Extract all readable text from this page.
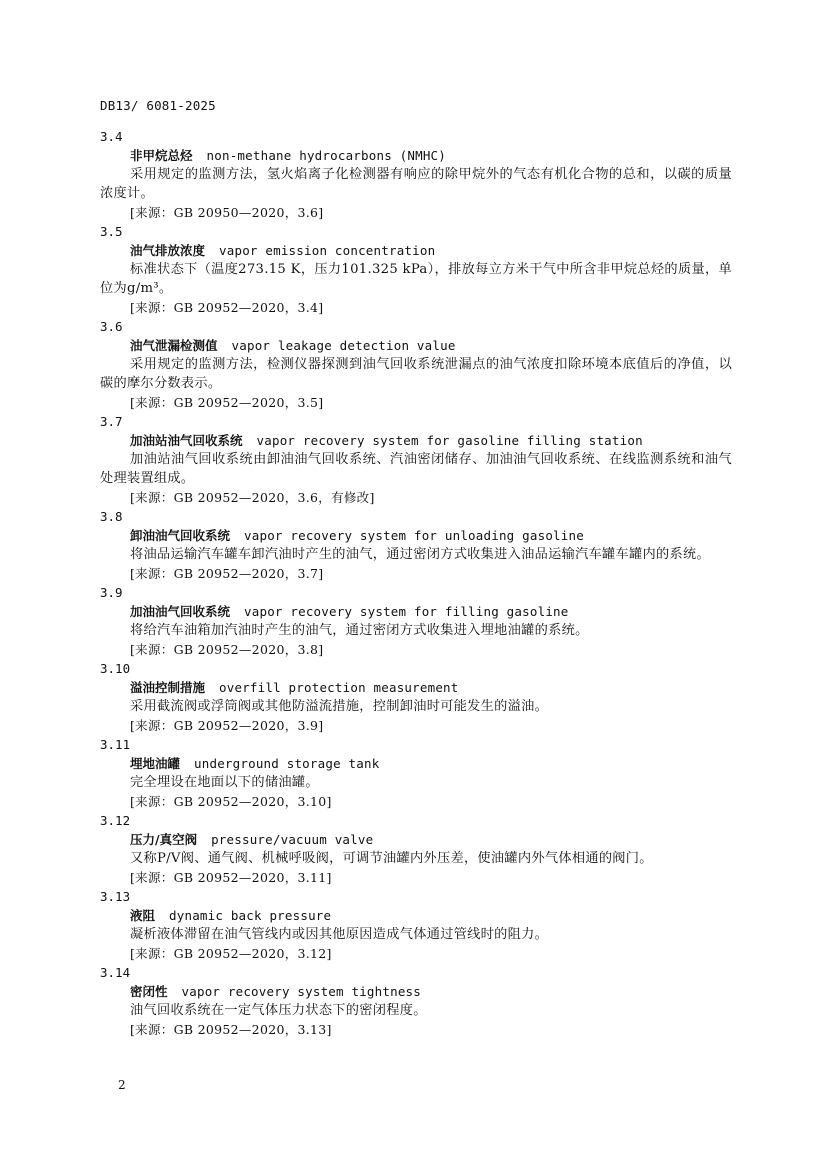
DB13/ 6081-2025
3.4
非甲烷总烃 non-methane hydrocarbons (NMHC)
采用规定的监测方法，氢火焰离子化检测器有响应的除甲烷外的气态有机化合物的总和，以碳的质量浓度计。
[来源：GB 20950—2020，3.6]
3.5
油气排放浓度 vapor emission concentration
标准状态下（温度273.15 K，压力101.325 kPa），排放每立方米干气中所含非甲烷总烃的质量，单位为g/m³。
[来源：GB 20952—2020，3.4]
3.6
油气泄漏检测值 vapor leakage detection value
采用规定的监测方法，检测仪器探测到油气回收系统泄漏点的油气浓度扣除环境本底值后的净值，以碳的摩尔分数表示。
[来源：GB 20952—2020，3.5]
3.7
加油站油气回收系统 vapor recovery system for gasoline filling station
加油站油气回收系统由卸油油气回收系统、汽油密闭储存、加油油气回收系统、在线监测系统和油气处理装置组成。
[来源：GB 20952—2020，3.6，有修改]
3.8
卸油油气回收系统 vapor recovery system for unloading gasoline
将油品运输汽车罐车卸汽油时产生的油气，通过密闭方式收集进入油品运输汽车罐车罐内的系统。
[来源：GB 20952—2020，3.7]
3.9
加油油气回收系统 vapor recovery system for filling gasoline
将给汽车油箱加汽油时产生的油气，通过密闭方式收集进入埋地油罐的系统。
[来源：GB 20952—2020，3.8]
3.10
溢油控制措施 overfill protection measurement
采用截流阀或浮筒阀或其他防溢流措施，控制卸油时可能发生的溢油。
[来源：GB 20952—2020，3.9]
3.11
埋地油罐 underground storage tank
完全埋设在地面以下的储油罐。
[来源：GB 20952—2020，3.10]
3.12
压力/真空阀 pressure/vacuum valve
又称P/V阀、通气阀、机械呼吸阀，可调节油罐内外压差，使油罐内外气体相通的阀门。
[来源：GB 20952—2020，3.11]
3.13
液阻 dynamic back pressure
凝析液体滞留在油气管线内或因其他原因造成气体通过管线时的阻力。
[来源：GB 20952—2020，3.12]
3.14
密闭性 vapor recovery system tightness
油气回收系统在一定气体压力状态下的密闭程度。
[来源：GB 20952—2020，3.13]
2
